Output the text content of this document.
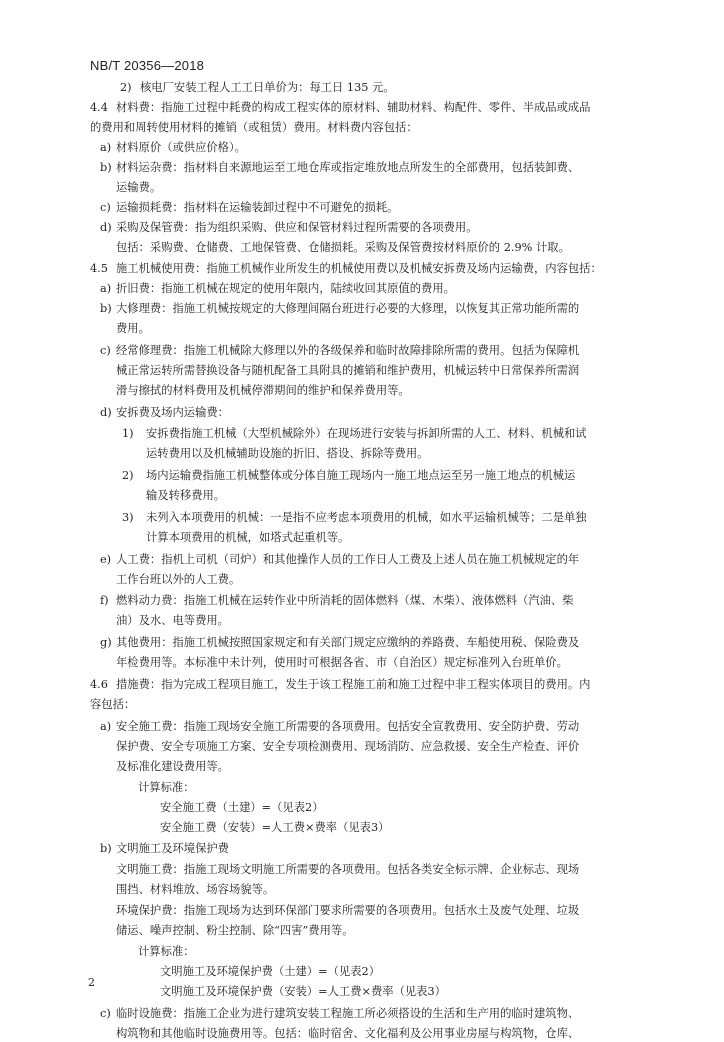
NB/T 20356—2018
2) 核电厂安装工程人工工日单价为：每工日 135 元。
4.4 材料费：指施工过程中耗费的构成工程实体的原材料、辅助材料、构配件、零件、半成品或成品
的费用和周转使用材料的摊销（或租赁）费用。材料费内容包括：
a) 材料原价（或供应价格）。
b) 材料运杂费：指材料自来源地运至工地仓库或指定堆放地点所发生的全部费用，包括装卸费、
运输费。
c) 运输损耗费：指材料在运输装卸过程中不可避免的损耗。
d) 采购及保管费：指为组织采购、供应和保管材料过程所需要的各项费用。
包括：采购费、仓储费、工地保管费、仓储损耗。采购及保管费按材料原价的 2.9% 计取。
4.5 施工机械使用费：指施工机械作业所发生的机械使用费以及机械安拆费及场内运输费，内容包括：
a) 折旧费：指施工机械在规定的使用年限内，陆续收回其原值的费用。
b) 大修理费：指施工机械按规定的大修理间隔台班进行必要的大修理，以恢复其正常功能所需的
费用。
c) 经常修理费：指施工机械除大修理以外的各级保养和临时故障排除所需的费用。包括为保障机
械正常运转所需替换设备与随机配备工具附具的摊销和维护费用，机械运转中日常保养所需润
滑与擦拭的材料费用及机械停滞期间的维护和保养费用等。
d) 安拆费及场内运输费：
1) 安拆费指施工机械（大型机械除外）在现场进行安装与拆卸所需的人工、材料、机械和试
运转费用以及机械辅助设施的折旧、搭设、拆除等费用。
2) 场内运输费指施工机械整体或分体自施工现场内一施工地点运至另一施工地点的机械运
输及转移费用。
3) 未列入本项费用的机械：一是指不应考虑本项费用的机械，如水平运输机械等；二是单独
计算本项费用的机械，如塔式起重机等。
e) 人工费：指机上司机（司炉）和其他操作人员的工作日人工费及上述人员在施工机械规定的年
工作台班以外的人工费。
f) 燃料动力费：指施工机械在运转作业中所消耗的固体燃料（煤、木柴）、液体燃料（汽油、柴
油）及水、电等费用。
g) 其他费用：指施工机械按照国家规定和有关部门规定应缴纳的养路费、车船使用税、保险费及
年检费用等。本标准中未计列，使用时可根据各省、市（自治区）规定标准列入台班单价。
4.6 措施费：指为完成工程项目施工，发生于该工程施工前和施工过程中非工程实体项目的费用。内
容包括：
a) 安全施工费：指施工现场安全施工所需要的各项费用。包括安全宣教费用、安全防护费、劳动
保护费、安全专项施工方案、安全专项检测费用、现场消防、应急救援、安全生产检查、评价
及标准化建设费用等。
计算标准：
安全施工费（土建）=（见表2）
安全施工费（安装）=人工费×费率（见表3）
b) 文明施工及环境保护费
文明施工费：指施工现场文明施工所需要的各项费用。包括各类安全标示牌、企业标志、现场
围挡、材料堆放、场容场貌等。
环境保护费：指施工现场为达到环保部门要求所需要的各项费用。包括水土及废气处理、垃圾
储运、噪声控制、粉尘控制、除“四害”费用等。
计算标准：
文明施工及环境保护费（土建）=（见表2）
文明施工及环境保护费（安装）=人工费×费率（见表3）
c) 临时设施费：指施工企业为进行建筑安装工程施工所必须搭设的生活和生产用的临时建筑物、
构筑物和其他临时设施费用等。包括：临时宿舍、文化福利及公用事业房屋与构筑物，仓库、
2
